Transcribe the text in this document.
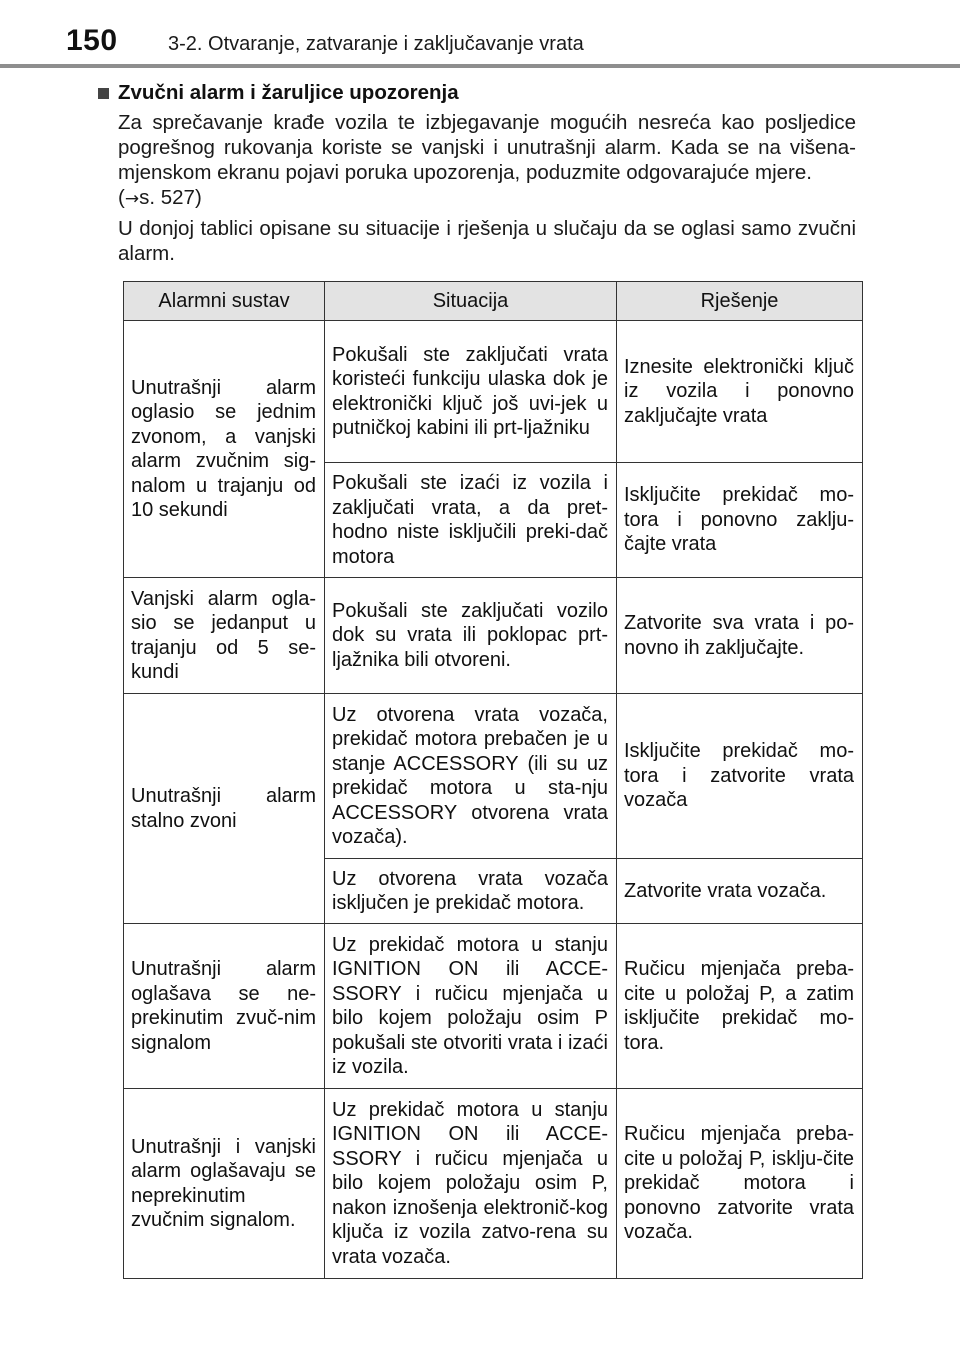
150	3-2. Otvaranje, zatvaranje i zaključavanje vrata
Zvučni alarm i žaruljice upozorenja
Za sprečavanje krađe vozila te izbjegavanje mogućih nesreća kao posljedice pogrešnog rukovanja koriste se vanjski i unutrašnji alarm. Kada se na višena-mjenskom ekranu pojavi poruka upozorenja, poduzmite odgovarajuće mjere.
(→s. 527)
U donjoj tablici opisane su situacije i rješenja u slučaju da se oglasi samo zvučni alarm.
Alarmni sustav	Situacija	Rješenje
Unutrašnji alarm oglasio se jednim zvonom, a vanjski alarm zvučnim sig-nalom u trajanju od 10 sekundi	Pokušali ste zaključati vrata koristeći funkciju ulaska dok je elektronički ključ još uvi-jek u putničkoj kabini ili prt-ljažniku	Iznesite elektronički ključ iz vozila i ponovno zaključajte vrata
	Pokušali ste izaći iz vozila i zaključati vrata, a da pret-hodno niste isključili preki-dač motora	Isključite prekidač mo-tora i ponovno zaklju-čajte vrata
Vanjski alarm ogla-sio se jedanput u trajanju od 5 se-kundi	Pokušali ste zaključati vozilo dok su vrata ili poklopac prt-ljažnika bili otvoreni.	Zatvorite sva vrata i po-novno ih zaključajte.
Unutrašnji alarm stalno zvoni	Uz otvorena vrata vozača, prekidač motora prebačen je u stanje ACCESSORY (ili su uz prekidač motora u sta-nju ACCESSORY otvorena vrata vozača).	Isključite prekidač mo-tora i zatvorite vrata vozača
	Uz otvorena vrata vozača isključen je prekidač motora.	Zatvorite vrata vozača.
Unutrašnji alarm oglašava se ne-prekinutim zvuč-nim signalom	Uz prekidač motora u stanju IGNITION ON ili ACCE-SSORY i ručicu mjenjača u bilo kojem položaju osim P pokušali ste otvoriti vrata i izaći iz vozila.	Ručicu mjenjača preba-cite u položaj P, a zatim isključite prekidač mo-tora.
Unutrašnji i vanjski alarm oglašavaju se neprekinutim zvučnim signalom.	Uz prekidač motora u stanju IGNITION ON ili ACCE-SSORY i ručicu mjenjača u bilo kojem položaju osim P, nakon iznošenja elektronič-kog ključa iz vozila zatvo-rena su vrata vozača.	Ručicu mjenjača preba-cite u položaj P, isklju-čite prekidač motora i ponovno zatvorite vrata vozača.
